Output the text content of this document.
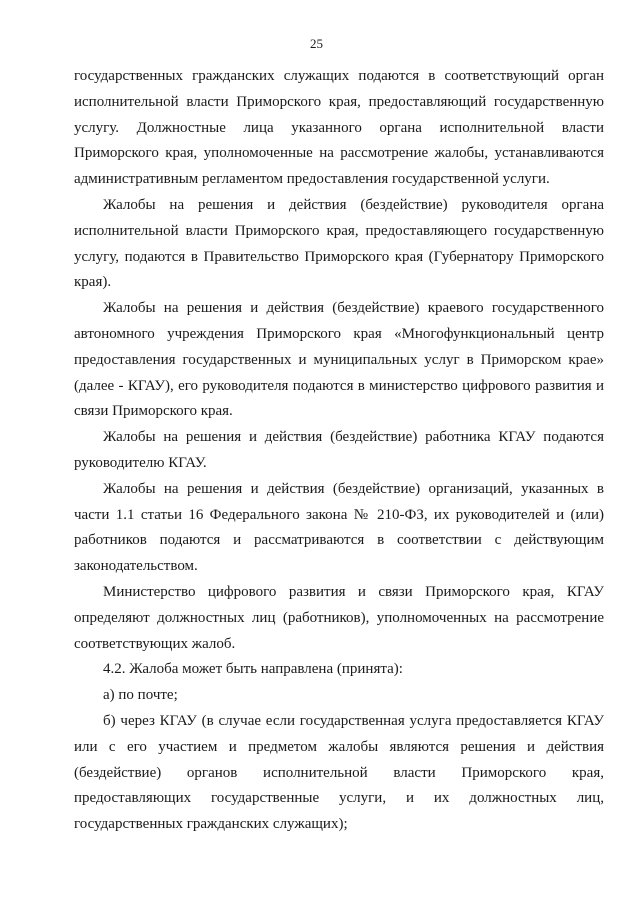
25

государственных гражданских служащих подаются в соответствующий орган исполнительной власти Приморского края, предоставляющий государственную услугу. Должностные лица указанного органа исполнительной власти Приморского края, уполномоченные на рассмотрение жалобы, устанавливаются административным регламентом предоставления государственной услуги.

Жалобы на решения и действия (бездействие) руководителя органа исполнительной власти Приморского края, предоставляющего государственную услугу, подаются в Правительство Приморского края (Губернатору Приморского края).

Жалобы на решения и действия (бездействие) краевого государственного автономного учреждения Приморского края «Многофункциональный центр предоставления государственных и муниципальных услуг в Приморском крае» (далее - КГАУ), его руководителя подаются в министерство цифрового развития и связи Приморского края.

Жалобы на решения и действия (бездействие) работника КГАУ подаются руководителю КГАУ.

Жалобы на решения и действия (бездействие) организаций, указанных в части 1.1 статьи 16 Федерального закона № 210-ФЗ, их руководителей и (или) работников подаются и рассматриваются в соответствии с действующим законодательством.

Министерство цифрового развития и связи Приморского края, КГАУ определяют должностных лиц (работников), уполномоченных на рассмотрение соответствующих жалоб.

4.2. Жалоба может быть направлена (принята):

а) по почте;

б) через КГАУ (в случае если государственная услуга предоставляется КГАУ или с его участием и предметом жалобы являются решения и действия (бездействие) органов исполнительной власти Приморского края, предоставляющих государственные услуги, и их должностных лиц, государственных гражданских служащих);
